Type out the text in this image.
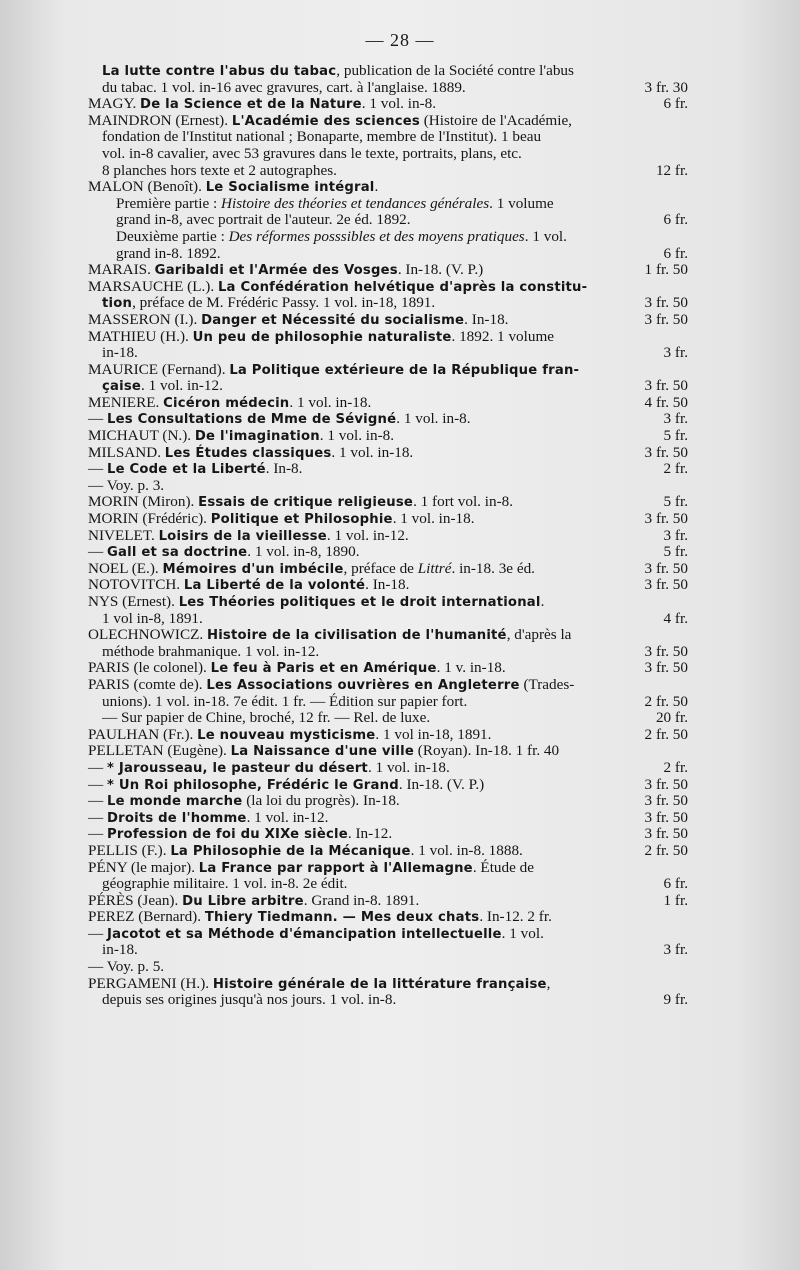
— 28 —
La lutte contre l'abus du tabac, publication de la Société contre l'abus
du tabac. 1 vol. in-16 avec gravures, cart. à l'anglaise. 1889.	3 fr. 30
MAGY. De la Science et de la Nature. 1 vol. in-8.	6 fr.
MAINDRON (Ernest). L'Académie des sciences (Histoire de l'Académie,
fondation de l'Institut national ; Bonaparte, membre de l'Institut). 1 beau
vol. in-8 cavalier, avec 53 gravures dans le texte, portraits, plans, etc.
8 planches hors texte et 2 autographes.	12 fr.
MALON (Benoît). Le Socialisme intégral.
Première partie : Histoire des théories et tendances générales. 1 volume
grand in-8, avec portrait de l'auteur. 2e éd. 1892.	6 fr.
Deuxième partie : Des réformes posssibles et des moyens pratiques. 1 vol.
grand in-8. 1892.	6 fr.
MARAIS. Garibaldi et l'Armée des Vosges. In-18. (V. P.)	1 fr. 50
MARSAUCHE (L.). La Confédération helvétique d'après la constitu-
tion, préface de M. Frédéric Passy. 1 vol. in-18, 1891.	3 fr. 50
MASSERON (I.). Danger et Nécessité du socialisme. In-18.	3 fr. 50
MATHIEU (H.). Un peu de philosophie naturaliste. 1892. 1 volume
in-18.	3 fr.
MAURICE (Fernand). La Politique extérieure de la République fran-
çaise. 1 vol. in-12.	3 fr. 50
MENIERE. Cicéron médecin. 1 vol. in-18.	4 fr. 50
— Les Consultations de Mme de Sévigné. 1 vol. in-8.	3 fr.
MICHAUT (N.). De l'imagination. 1 vol. in-8.	5 fr.
MILSAND. Les Études classiques. 1 vol. in-18.	3 fr. 50
— Le Code et la Liberté. In-8.	2 fr.
— Voy. p. 3.
MORIN (Miron). Essais de critique religieuse. 1 fort vol. in-8.	5 fr.
MORIN (Frédéric). Politique et Philosophie. 1 vol. in-18.	3 fr. 50
NIVELET. Loisirs de la vieillesse. 1 vol. in-12.	3 fr.
— Gall et sa doctrine. 1 vol. in-8, 1890.	5 fr.
NOEL (E.). Mémoires d'un imbécile, préface de Littré. in-18. 3e éd.	3 fr. 50
NOTOVITCH. La Liberté de la volonté. In-18.	3 fr. 50
NYS (Ernest). Les Théories politiques et le droit international.
1 vol in-8, 1891.	4 fr.
OLECHNOWICZ. Histoire de la civilisation de l'humanité, d'après la
méthode brahmanique. 1 vol. in-12.	3 fr. 50
PARIS (le colonel). Le feu à Paris et en Amérique. 1 v. in-18.	3 fr. 50
PARIS (comte de). Les Associations ouvrières en Angleterre (Trades-
unions). 1 vol. in-18. 7e édit. 1 fr. — Édition sur papier fort.	2 fr. 50
— Sur papier de Chine, broché, 12 fr. — Rel. de luxe.	20 fr.
PAULHAN (Fr.). Le nouveau mysticisme. 1 vol in-18, 1891.	2 fr. 50
PELLETAN (Eugène). La Naissance d'une ville (Royan). In-18. 1 fr. 40
— * Jarousseau, le pasteur du désert. 1 vol. in-18.	2 fr.
— * Un Roi philosophe, Frédéric le Grand. In-18. (V. P.)	3 fr. 50
— Le monde marche (la loi du progrès). In-18.	3 fr. 50
— Droits de l'homme. 1 vol. in-12.	3 fr. 50
— Profession de foi du XIXe siècle. In-12.	3 fr. 50
PELLIS (F.). La Philosophie de la Mécanique. 1 vol. in-8. 1888.	2 fr. 50
PÉNY (le major). La France par rapport à l'Allemagne. Étude de
géographie militaire. 1 vol. in-8. 2e édit.	6 fr.
PÉRÈS (Jean). Du Libre arbitre. Grand in-8. 1891.	1 fr.
PEREZ (Bernard). Thiery Tiedmann. — Mes deux chats. In-12. 2 fr.
— Jacotot et sa Méthode d'émancipation intellectuelle. 1 vol.
in-18.	3 fr.
— Voy. p. 5.
PERGAMENI (H.). Histoire générale de la littérature française,
depuis ses origines jusqu'à nos jours. 1 vol. in-8.	9 fr.
